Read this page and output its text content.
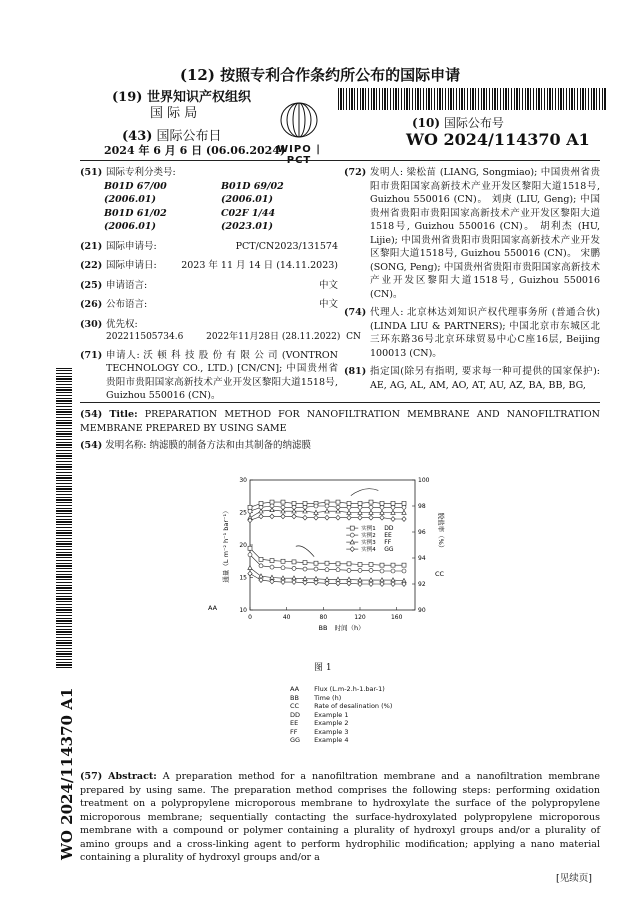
(12) 按照专利合作条约所公布的国际申请
(19) 世界知识产权组织
国 际 局
(43) 国际公布日
2024 年 6 月 6 日 (06.06.2024)
WIPO | PCT
(10) 国际公布号
WO 2024/114370 A1
(51) 国际专利分类号:
B01D 67/00 (2006.01)	B01D 69/02 (2006.01)
B01D 61/02 (2006.01)	C02F 1/44 (2023.01)
(21) 国际申请号:	PCT/CN2023/131574
(22) 国际申请日:	2023 年 11 月 14 日 (14.11.2023)
(25) 申请语言:	中文
(26) 公布语言:	中文
(30) 优先权:
202211505734.6        2022年11月28日 (28.11.2022)  CN
(71) 申请人: 沃 顿 科 技 股 份 有 限 公 司 (VONTRON TECHNOLOGY CO., LTD.) [CN/CN]; 中国贵州省贵阳市贵阳国家高新技术产业开发区黎阳大道1518号, Guizhou 550016 (CN)。
(72) 发明人: 梁松苗 (LIANG, Songmiao); 中国贵州省贵阳市贵阳国家高新技术产业开发区黎阳大道1518号, Guizhou 550016 (CN)。 刘庚 (LIU, Geng); 中国贵州省贵阳市贵阳国家高新技术产业开发区黎阳大道1518号, Guizhou 550016 (CN)。 胡利杰 (HU, Lijie); 中国贵州省贵阳市贵阳国家高新技术产业开发区黎阳大道1518号, Guizhou 550016 (CN)。 宋鹏 (SONG, Peng); 中国贵州省贵阳市贵阳国家高新技术产业开发区黎阳大道1518号, Guizhou 550016 (CN)。
(74) 代理人: 北京林达刘知识产权代理事务所 (普通合伙) (LINDA LIU & PARTNERS); 中国北京市东城区北三环东路36号北京环球贸易中心C座16层, Beijing 100013 (CN)。
(81) 指定国(除另有指明, 要求每一种可提供的国家保护): AE, AG, AL, AM, AO, AT, AU, AZ, BA, BB, BG,
(54) Title: PREPARATION METHOD FOR NANOFILTRATION MEMBRANE AND NANOFILTRATION MEMBRANE PREPARED BY USING SAME
(54) 发明名称: 纳滤膜的制备方法和由其制备的纳滤膜
0	40	80	120	160
10
15
20
25
30
90
92
94
96
98
100
实例1 DD
实例2 EE
实例3 FF
实例4 GG
通量（L m⁻² h⁻¹ bar⁻¹）	脱盐率（%）
BB 时间（h）
AA
CC
图 1
AA	Flux (L.m-2.h-1.bar-1)
BB	Time (h)
CC	Rate of desalination (%)
DD	Example 1
EE	Example 2
FF	Example 3
GG	Example 4
(57) Abstract: A preparation method for a nanofiltration membrane and a nanofiltration membrane prepared by using same. The preparation method comprises the following steps: performing oxidation treatment on a polypropylene microporous membrane to hydroxylate the surface of the polypropylene microporous membrane; sequentially contacting the surface-hydroxylated polypropylene microporous membrane with a compound or polymer containing a plurality of hydroxyl groups and/or a plurality of amino groups and a cross-linking agent to perform hydrophilic modification; applying a nano material containing a plurality of hydroxyl groups and/or a
WO 2024/114370 A1
[见续页]
